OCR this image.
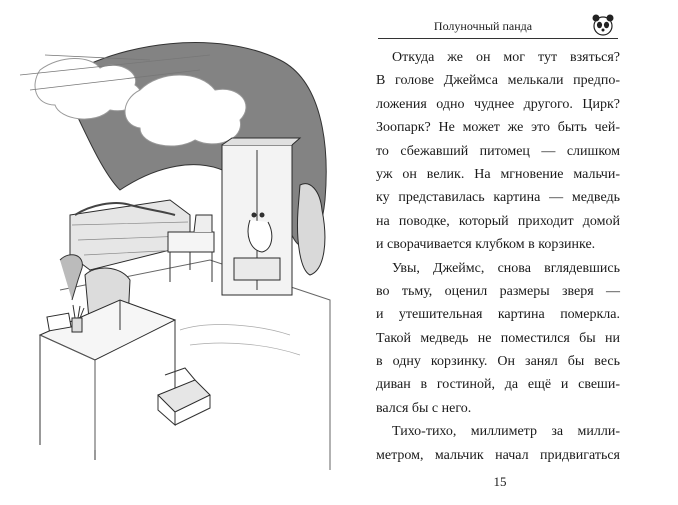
Полуночный панда
Откуда же он мог тут взяться?
В голове Джеймса мелькали предпо-
ложения одно чуднее другого. Цирк?
Зоопарк? Не может же это быть чей-
то сбежавший питомец — слишком
уж он велик. На мгновение мальчи-
ку представилась картина — медведь
на поводке, который приходит домой
и сворачивается клубком в корзинке.
Увы, Джеймс, снова вглядевшись
во тьму, оценил размеры зверя —
и утешительная картина померкла.
Такой медведь не поместился бы ни
в одну корзинку. Он занял бы весь
диван в гостиной, да ещё и свеши-
вался бы с него.
Тихо-тихо, миллиметр за милли-
метром, мальчик начал придвигаться
15
